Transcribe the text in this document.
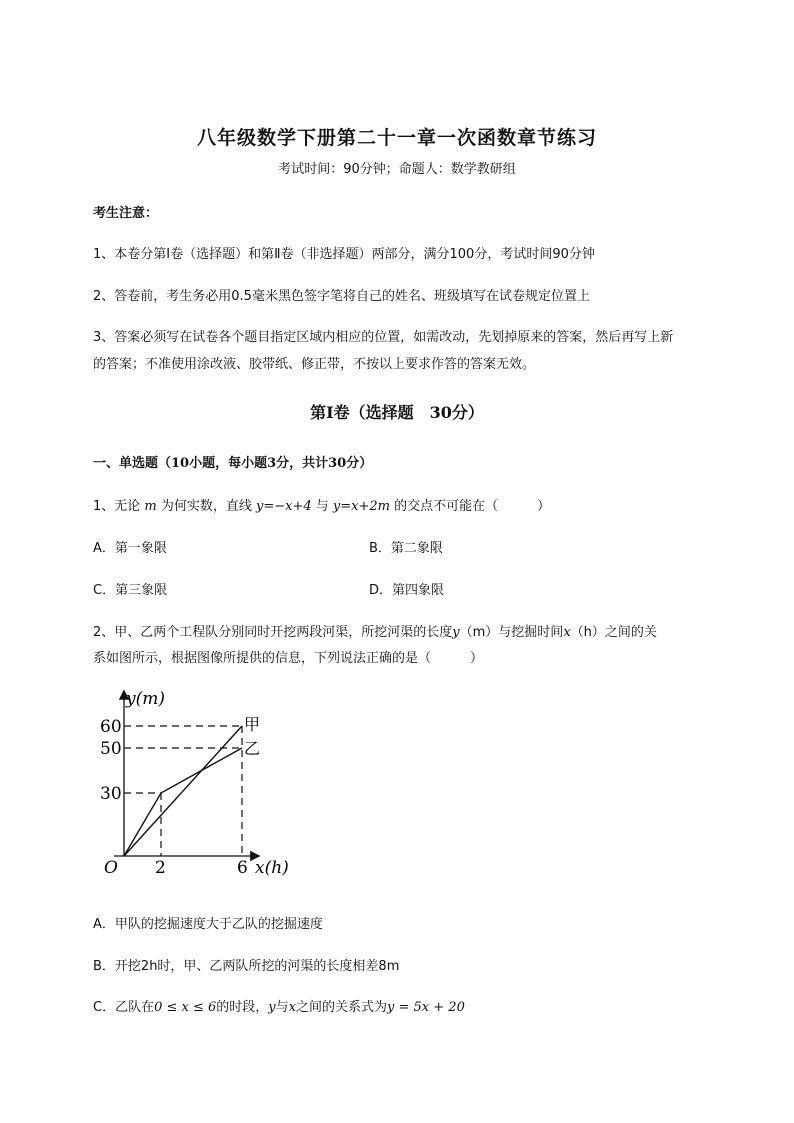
八年级数学下册第二十一章一次函数章节练习
考试时间：90分钟；命题人：数学教研组
考生注意：
1、本卷分第I卷（选择题）和第Ⅱ卷（非选择题）两部分，满分100分，考试时间90分钟
2、答卷前，考生务必用0.5毫米黑色签字笔将自己的姓名、班级填写在试卷规定位置上
3、答案必须写在试卷各个题目指定区域内相应的位置，如需改动，先划掉原来的答案，然后再写上新
的答案；不准使用涂改液、胶带纸、修正带，不按以上要求作答的答案无效。
第I卷（选择题　30分）
一、单选题（10小题，每小题3分，共计30分）
1、无论 m 为何实数，直线 y=−x+4 与 y=x+2m 的交点不可能在（　　　）
A．第一象限	B．第二象限
C．第三象限	D．第四象限
2、甲、乙两个工程队分别同时开挖两段河渠，所挖河渠的长度y（m）与挖掘时间x（h）之间的关
系如图所示，根据图像所提供的信息，下列说法正确的是（　　　）
y(m)
x(h)
O
60
50
30
2	6
甲
乙
A．甲队的挖掘速度大于乙队的挖掘速度
B．开挖2h时，甲、乙两队所挖的河渠的长度相差8m
C．乙队在0 ≤ x ≤ 6的时段，y与x之间的关系式为y = 5x + 20
